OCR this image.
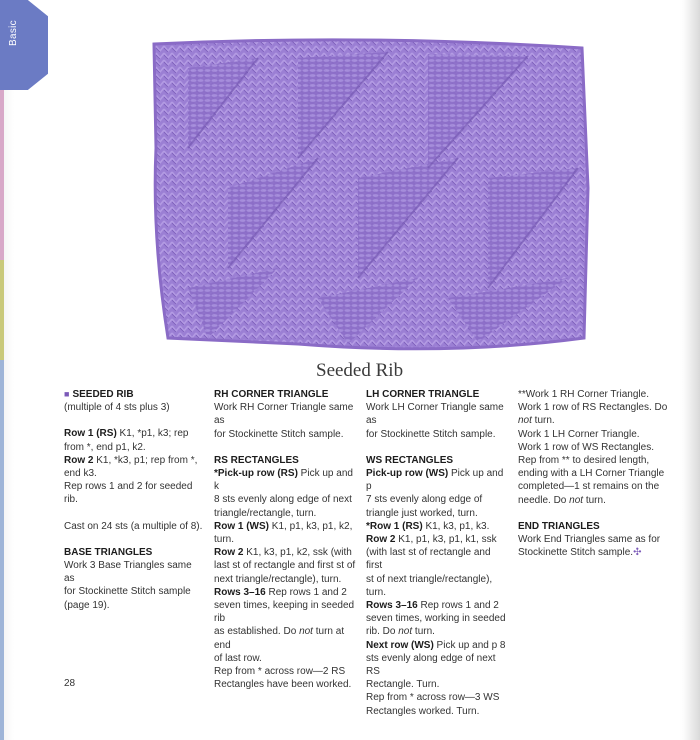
Basic
Seeded Rib

■ SEEDED RIB

(multiple of 4 sts plus 3)

Row 1 (RS) K1, *p1, k3; rep

from *, end p1, k2.

Row 2 K1, *k3, p1; rep from *,

end k3.

Rep rows 1 and 2 for seeded rib.

Cast on 24 sts (a multiple of 8).

BASE TRIANGLES

Work 3 Base Triangles same as

for Stockinette Stitch sample

(page 19).

RH CORNER TRIANGLE

Work RH Corner Triangle same as

for Stockinette Stitch sample.

RS RECTANGLES

*Pick-up row (RS) Pick up and k

8 sts evenly along edge of next

triangle/rectangle, turn.

Row 1 (WS) K1, p1, k3, p1, k2,

turn.

Row 2 K1, k3, p1, k2, ssk (with

last st of rectangle and first st of

next triangle/rectangle), turn.

Rows 3–16 Rep rows 1 and 2

seven times, keeping in seeded rib

as established. Do not turn at end

of last row.

Rep from * across row—2 RS

Rectangles have been worked.

LH CORNER TRIANGLE

Work LH Corner Triangle same as

for Stockinette Stitch sample.

WS RECTANGLES

Pick-up row (WS) Pick up and p

7 sts evenly along edge of

triangle just worked, turn.

*Row 1 (RS) K1, k3, p1, k3.

Row 2 K1, p1, k3, p1, k1, ssk

(with last st of rectangle and first

st of next triangle/rectangle),

turn.

Rows 3–16 Rep rows 1 and 2

seven times, working in seeded

rib. Do not turn.

Next row (WS) Pick up and p 8

sts evenly along edge of next RS

Rectangle. Turn.

Rep from * across row—3 WS

Rectangles worked. Turn.

**Work 1 RH Corner Triangle.

Work 1 row of RS Rectangles. Do

not turn.

Work 1 LH Corner Triangle.

Work 1 row of WS Rectangles.

Rep from ** to desired length,

ending with a LH Corner Triangle

completed—1 st remains on the

needle. Do not turn.

END TRIANGLES

Work End Triangles same as for

Stockinette Stitch sample.✣

28
